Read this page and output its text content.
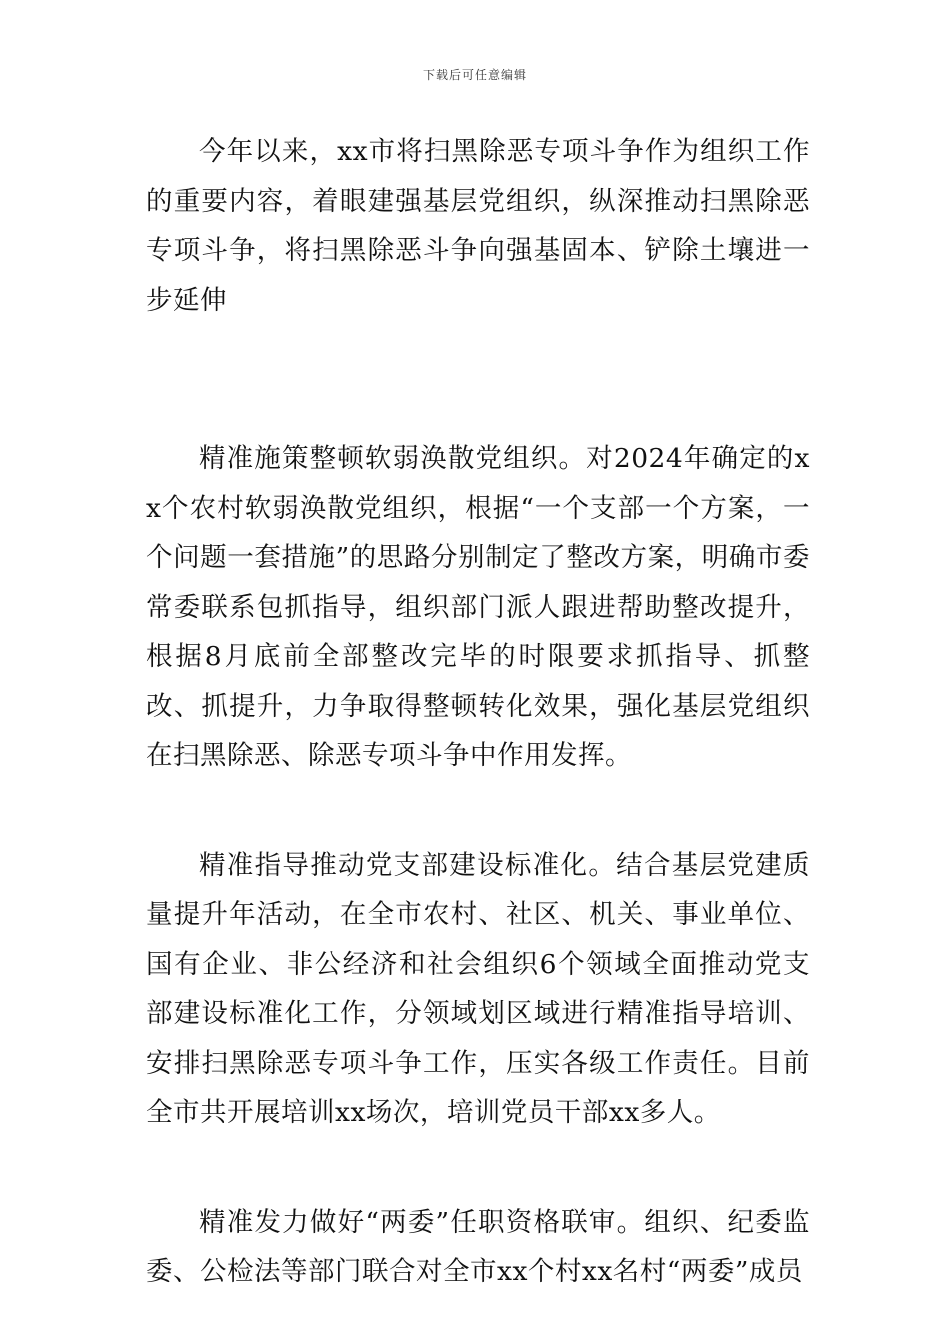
下载后可任意编辑

今年以来，xx市将扫黑除恶专项斗争作为组织工作的重要内容，着眼建强基层党组织，纵深推动扫黑除恶专项斗争，将扫黑除恶斗争向强基固本、铲除土壤进一步延伸

精准施策整顿软弱涣散党组织。对2024年确定的xx个农村软弱涣散党组织，根据“一个支部一个方案，一个问题一套措施”的思路分别制定了整改方案，明确市委常委联系包抓指导，组织部门派人跟进帮助整改提升，根据8月底前全部整改完毕的时限要求抓指导、抓整改、抓提升，力争取得整顿转化效果，强化基层党组织在扫黑除恶、除恶专项斗争中作用发挥。

精准指导推动党支部建设标准化。结合基层党建质量提升年活动，在全市农村、社区、机关、事业单位、国有企业、非公经济和社会组织6个领域全面推动党支部建设标准化工作，分领域划区域进行精准指导培训、安排扫黑除恶专项斗争工作，压实各级工作责任。目前全市共开展培训xx场次，培训党员干部xx多人。

精准发力做好“两委”任职资格联审。组织、纪委监委、公检法等部门联合对全市xx个村xx名村“两委”成员
